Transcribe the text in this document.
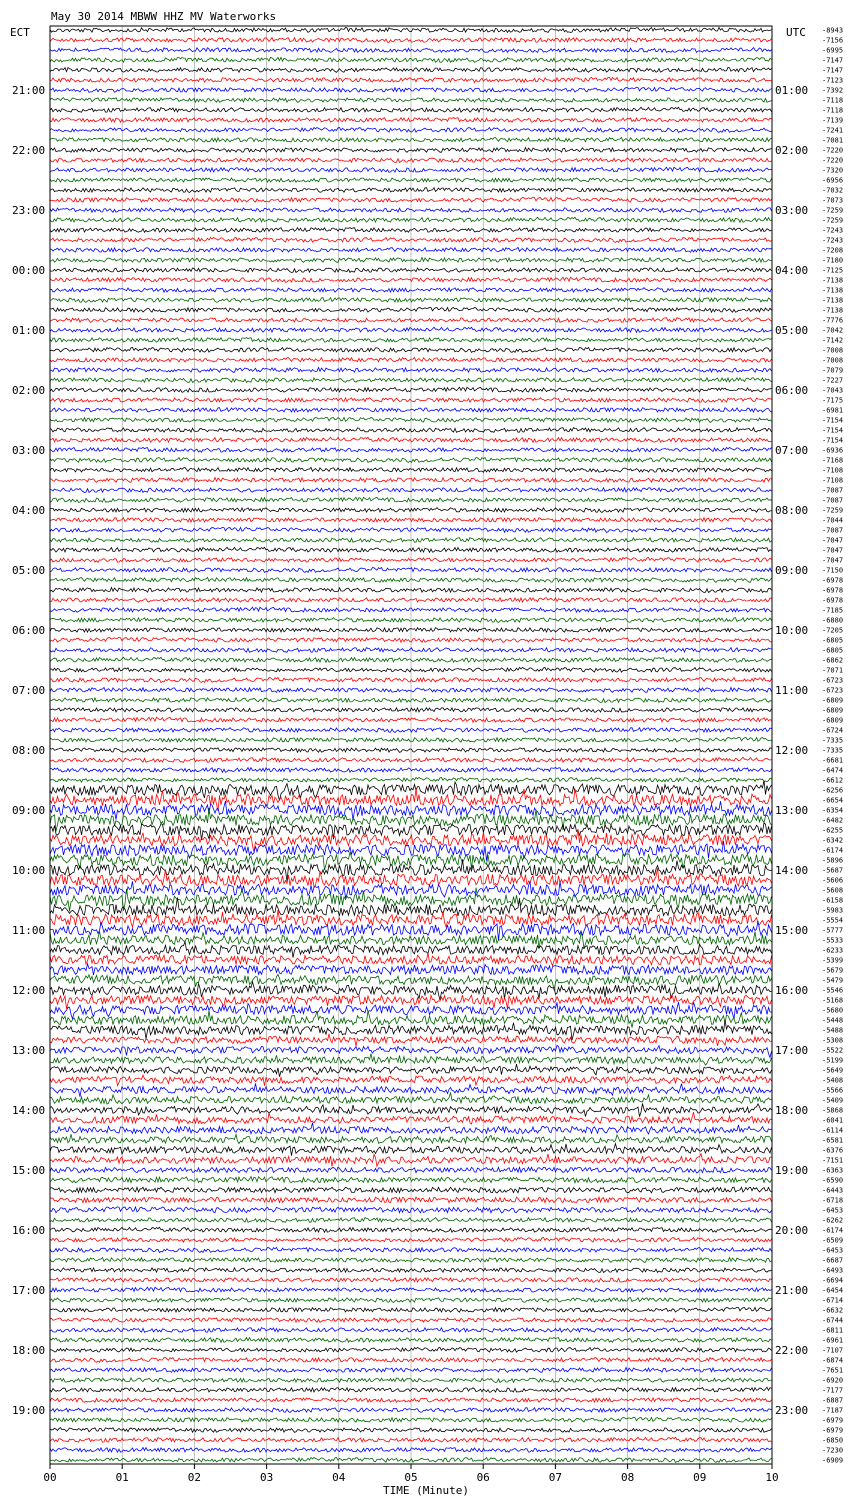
May 30 2014 MBWW HHZ MV Waterworks
ECT	UTC
21:00
22:00
23:00
00:00
01:00
02:00
03:00
04:00
05:00
06:00
07:00
08:00
09:00
10:00
11:00
12:00
13:00
14:00
15:00
16:00
17:00
18:00
19:00
01:00
02:00
03:00
04:00
05:00
06:00
07:00
08:00
09:00
10:00
11:00
12:00
13:00
14:00
15:00
16:00
17:00
18:00
19:00
20:00
21:00
22:00
23:00
-8943
-7156
-6995
-7147
-7147
-7123
-7392
-7118
-7118
-7139
-7241
-7081
-7220
-7220
-7320
-6956
-7032
-7073
-7259
-7259
-7243
-7243
-7208
-7180
-7125
-7138
-7138
-7138
-7138
-7776
-7042
-7142
-7008
-7008
-7079
-7227
-7043
-7175
-6981
-7154
-7154
-7154
-6936
-7168
-7108
-7108
-7087
-7087
-7259
-7044
-7087
-7047
-7047
-7047
-7150
-6978
-6978
-6978
-7185
-6880
-7205
-6805
-6805
-6862
-7071
-6723
-6723
-6809
-6809
-6809
-6724
-7335
-7335
-6681
-6474
-6612
-6256
-6654
-6354
-6482
-6255
-6342
-6174
-5896
-5687
-5606
-5608
-6158
-5983
-5554
-5777
-5533
-6233
-5399
-5679
-5479
-5546
-5168
-5680
-5448
-5488
-5308
-5522
-5199
-5649
-5408
-5566
-5409
-5868
-6041
-6114
-6581
-6376
-7151
-6363
-6590
-6443
-6718
-6453
-6262
-6174
-6509
-6453
-6687
-6493
-6694
-6454
-6714
-6632
-6744
-6811
-6961
-7107
-6874
-7651
-6920
-7177
-6887
-7187
-6979
-6979
-6850
-7230
-6909
00	01	02	03	04	05	06	07	08	09	10
TIME (Minute)
